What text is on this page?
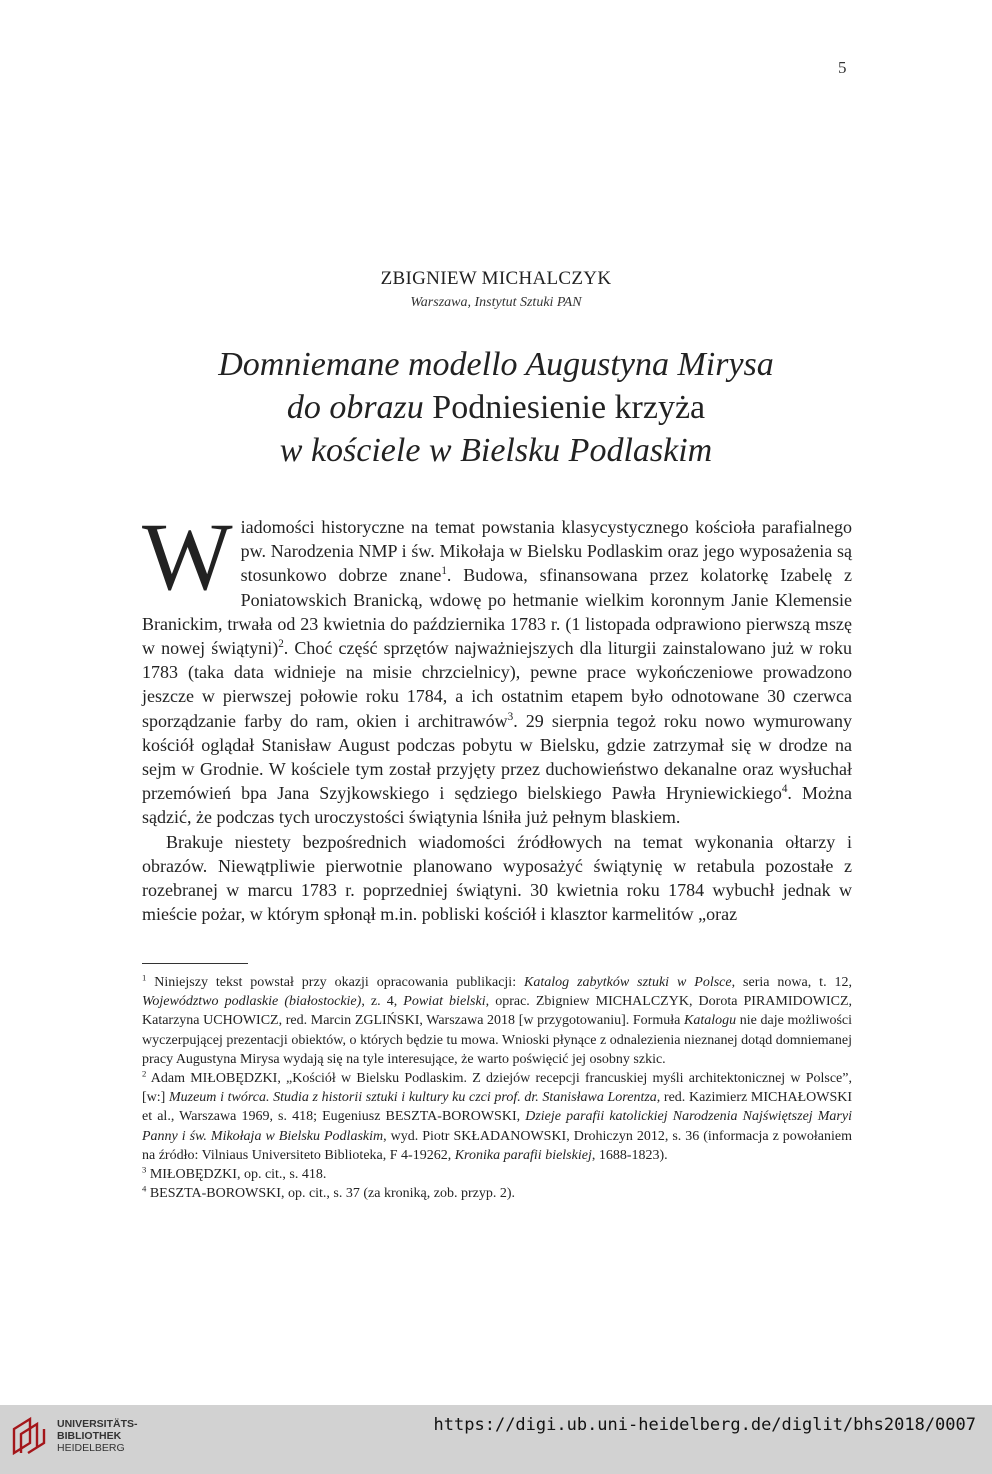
5
ZBIGNIEW MICHALCZYK
Warszawa, Instytut Sztuki PAN
Domniemane modello Augustyna Mirysa
do obrazu Podniesienie krzyża
w kościele w Bielsku Podlaskim

Wiadomości historyczne na temat powstania klasycystycznego kościoła parafialnego pw. Narodzenia NMP i św. Mikołaja w Bielsku Podlaskim oraz jego wyposażenia są stosunkowo dobrze znane$^1$. Budowa, sfinansowana przez kolatorkę Izabelę z Poniatowskich Branicką, wdowę po hetmanie wielkim koronnym Janie Klemensie Branickim, trwała od 23 kwietnia do października 1783 r. (1 listopada odprawiono pierwszą mszę w nowej świątyni)$^2$. Choć część sprzętów najważniejszych dla liturgii zainstalowano już w roku 1783 (taka data widnieje na misie chrzcielnicy), pewne prace wykończeniowe prowadzono jeszcze w pierwszej połowie roku 1784, a ich ostatnim etapem było odnotowane 30 czerwca sporządzanie farby do ram, okien i architrawów$^3$. 29 sierpnia tegoż roku nowo wymurowany kościół oglądał Stanisław August podczas pobytu w Bielsku, gdzie zatrzymał się w drodze na sejm w Grodnie. W kościele tym został przyjęty przez duchowieństwo dekanalne oraz wysłuchał przemówień bpa Jana Szyjkowskiego i sędziego bielskiego Pawła Hryniewickiego$^4$. Można sądzić, że podczas tych uroczystości świątynia lśniła już pełnym blaskiem.

Brakuje niestety bezpośrednich wiadomości źródłowych na temat wykonania ołtarzy i obrazów. Niewątpliwie pierwotnie planowano wyposażyć świątynię w retabula pozostałe z rozebranej w marcu 1783 r. poprzedniej świątyni. 30 kwietnia roku 1784 wybuchł jednak w mieście pożar, w którym spłonął m.in. pobliski kościół i klasztor karmelitów „oraz

$^1$ Niniejszy tekst powstał przy okazji opracowania publikacji: Katalog zabytków sztuki w Polsce, seria nowa, t. 12, Województwo podlaskie (białostockie), z. 4, Powiat bielski, oprac. Zbigniew MICHALCZYK, Dorota PIRAMIDOWICZ, Katarzyna UCHOWICZ, red. Marcin ZGLIŃSKI, Warszawa 2018 [w przygotowaniu]. Formuła Katalogu nie daje możliwości wyczerpującej prezentacji obiektów, o których będzie tu mowa. Wnioski płynące z odnalezienia nieznanej dotąd domniemanej pracy Augustyna Mirysa wydają się na tyle interesujące, że warto poświęcić jej osobny szkic.

$^2$ Adam MIŁOBĘDZKI, „Kościół w Bielsku Podlaskim. Z dziejów recepcji francuskiej myśli architektonicznej w Polsce”, [w:] Muzeum i twórca. Studia z historii sztuki i kultury ku czci prof. dr. Stanisława Lorentza, red. Kazimierz MICHAŁOWSKI et al., Warszawa 1969, s. 418; Eugeniusz BESZTA-BOROWSKI, Dzieje parafii katolickiej Narodzenia Najświętszej Maryi Panny i św. Mikołaja w Bielsku Podlaskim, wyd. Piotr SKŁADANOWSKI, Drohiczyn 2012, s. 36 (informacja z powołaniem na źródło: Vilniaus Universiteto Biblioteka, F 4-19262, Kronika parafii bielskiej, 1688-1823).

$^3$ MIŁOBĘDZKI, op. cit., s. 418.

$^4$ BESZTA-BOROWSKI, op. cit., s. 37 (za kroniką, zob. przyp. 2).

UNIVERSITÄTS-
BIBLIOTHEK
HEIDELBERG
https://digi.ub.uni-heidelberg.de/diglit/bhs2018/0007
